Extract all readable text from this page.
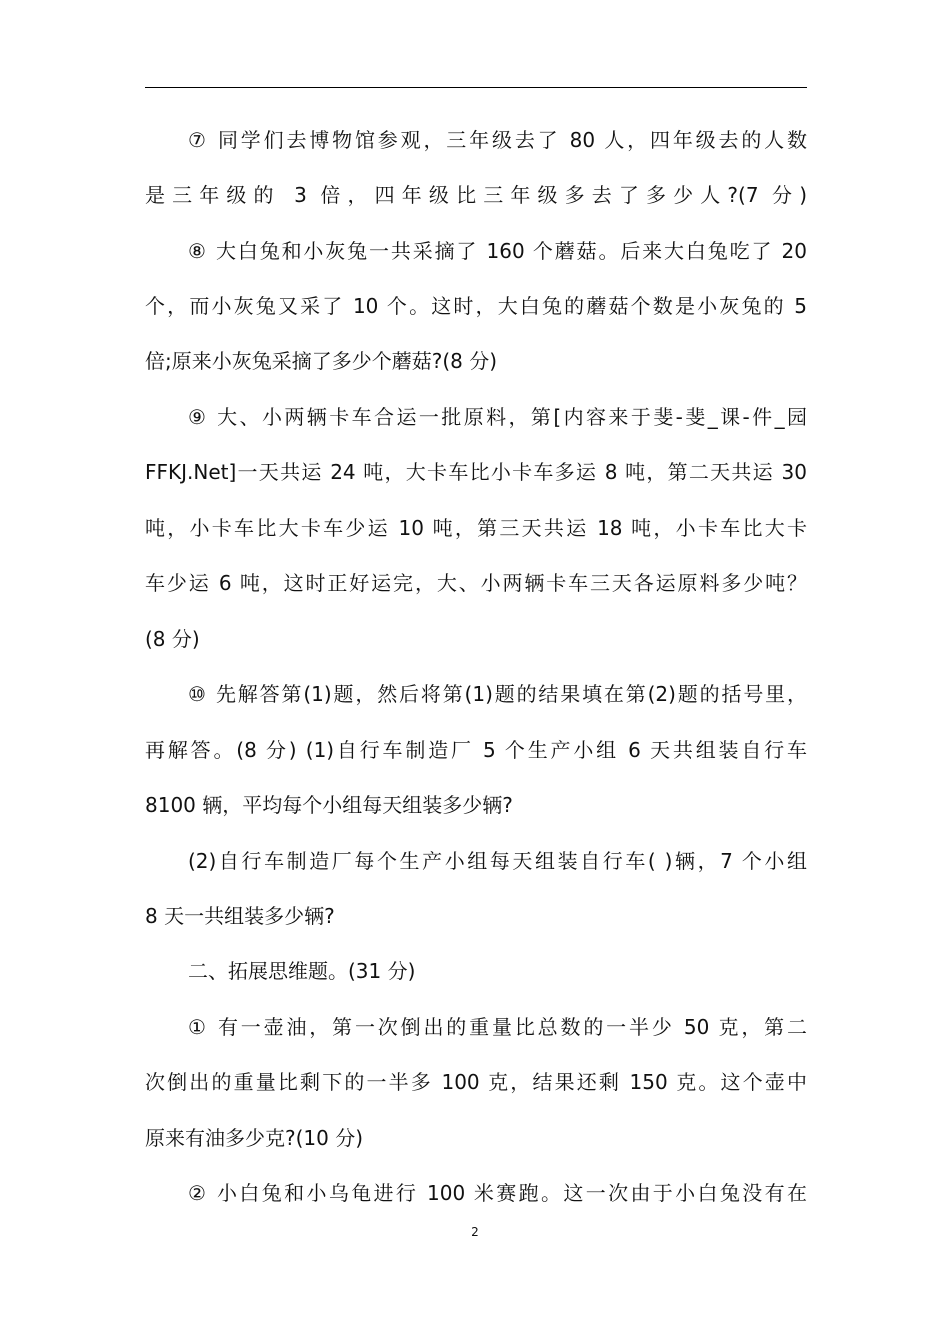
⑦ 同学们去博物馆参观，三年级去了 80 人，四年级去的人数
是三年级的 3 倍，四年级比三年级多去了多少人?(7 分)
⑧ 大白兔和小灰兔一共采摘了 160 个蘑菇。后来大白兔吃了 20
个，而小灰兔又采了 10 个。这时，大白兔的蘑菇个数是小灰兔的 5
倍;原来小灰兔采摘了多少个蘑菇?(8 分)
⑨ 大、小两辆卡车合运一批原料，第[内容来于斐-斐_课-件_园
FFKJ.Net]一天共运 24 吨，大卡车比小卡车多运 8 吨，第二天共运 30
吨，小卡车比大卡车少运 10 吨，第三天共运 18 吨，小卡车比大卡
车少运 6 吨，这时正好运完，大、小两辆卡车三天各运原料多少吨？
(8 分)
⑩ 先解答第(1)题，然后将第(1)题的结果填在第(2)题的括号里，
再解答。(8 分) (1)自行车制造厂 5 个生产小组 6 天共组装自行车
8100 辆，平均每个小组每天组装多少辆?
(2)自行车制造厂每个生产小组每天组装自行车( )辆，7 个小组
8 天一共组装多少辆?
二、拓展思维题。(31 分)
① 有一壶油，第一次倒出的重量比总数的一半少 50 克，第二
次倒出的重量比剩下的一半多 100 克，结果还剩 150 克。这个壶中
原来有油多少克?(10 分)
② 小白兔和小乌龟进行 100 米赛跑。这一次由于小白兔没有在
2
